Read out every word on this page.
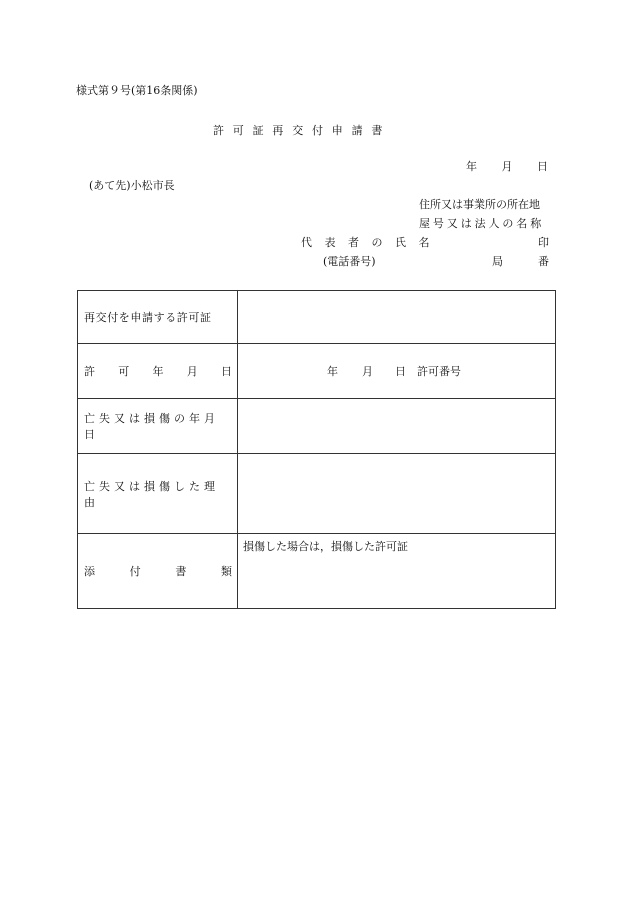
様式第９号(第16条関係)
許可証再交付申請書
年 月 日
(あて先)小松市長
住所又は事業所の所在地
屋号又は法人の名称
代表者の氏名	印
(電話番号)	局	番
再交付を申請する許可証	

許 可 年 月 日	年 月 日 許可番号

亡失又は損傷の年月日	

亡失又は損傷した理由	

添 付 書 類	損傷した場合は，損傷した許可証
